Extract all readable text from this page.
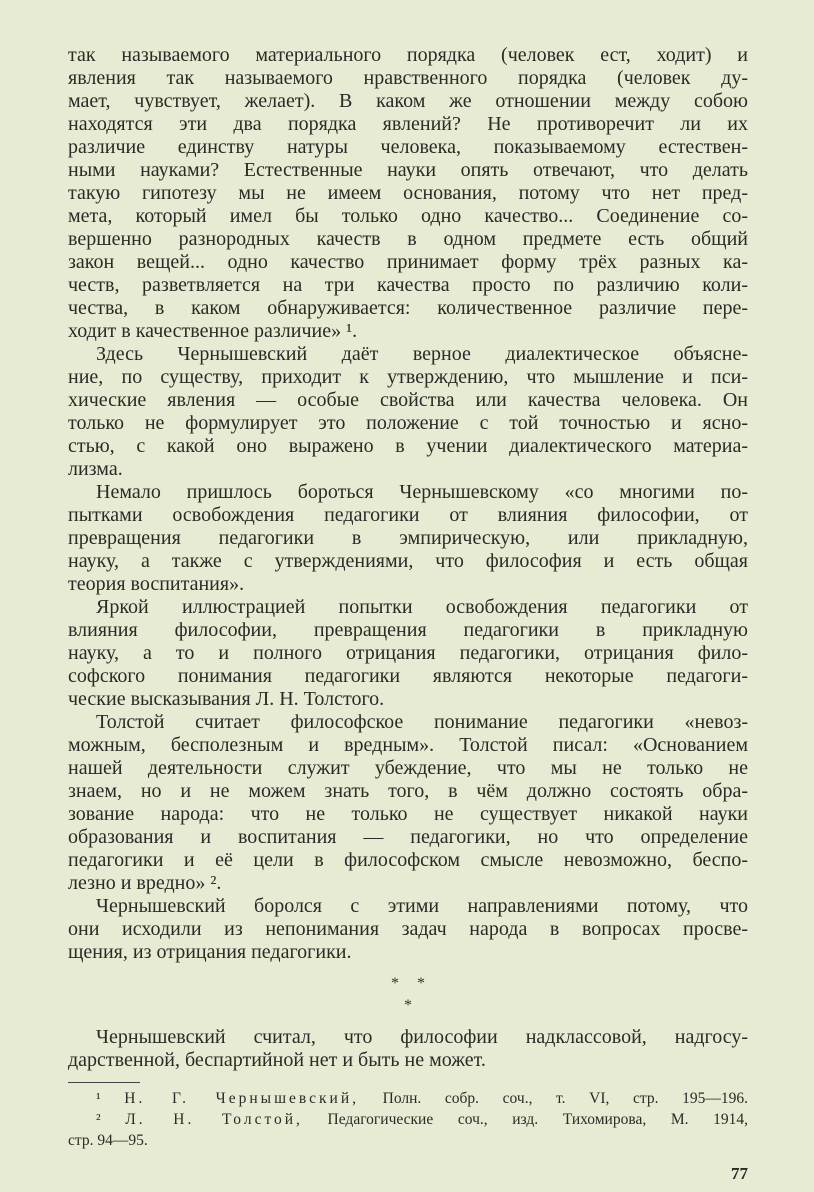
так называемого материального порядка (человек ест, ходит) и
явления так называемого нравственного порядка (человек ду-
мает, чувствует, желает). В каком же отношении между собою
находятся эти два порядка явлений? Не противоречит ли их
различие единству натуры человека, показываемому естествен-
ными науками? Естественные науки опять отвечают, что делать
такую гипотезу мы не имеем основания, потому что нет пред-
мета, который имел бы только одно качество... Соединение со-
вершенно разнородных качеств в одном предмете есть общий
закон вещей... одно качество принимает форму трёх разных ка-
честв, разветвляется на три качества просто по различию коли-
чества, в каком обнаруживается: количественное различие пере-
ходит в качественное различие» ¹.
Здесь Чернышевский даёт верное диалектическое объясне-
ние, по существу, приходит к утверждению, что мышление и пси-
хические явления — особые свойства или качества человека. Он
только не формулирует это положение с той точностью и ясно-
стью, с какой оно выражено в учении диалектического материа-
лизма.
Немало пришлось бороться Чернышевскому «со многими по-
пытками освобождения педагогики от влияния философии, от
превращения педагогики в эмпирическую, или прикладную,
науку, а также с утверждениями, что философия и есть общая
теория воспитания».
Яркой иллюстрацией попытки освобождения педагогики от
влияния философии, превращения педагогики в прикладную
науку, а то и полного отрицания педагогики, отрицания фило-
софского понимания педагогики являются некоторые педагоги-
ческие высказывания Л. Н. Толстого.
Толстой считает философское понимание педагогики «невоз-
можным, бесполезным и вредным». Толстой писал: «Основанием
нашей деятельности служит убеждение, что мы не только не
знаем, но и не можем знать того, в чём должно состоять обра-
зование народа: что не только не существует никакой науки
образования и воспитания — педагогики, но что определение
педагогики и её цели в философском смысле невозможно, беспо-
лезно и вредно» ².
Чернышевский боролся с этими направлениями потому, что
они исходили из непонимания задач народа в вопросах просве-
щения, из отрицания педагогики.
* *
*
Чернышевский считал, что философии надклассовой, надгосу-
дарственной, беспартийной нет и быть не может.
¹ Н. Г. Чернышевский, Полн. собр. соч., т. VI, стр. 195—196.
² Л. Н. Толстой, Педагогические соч., изд. Тихомирова, М. 1914,
стр. 94—95.
77
